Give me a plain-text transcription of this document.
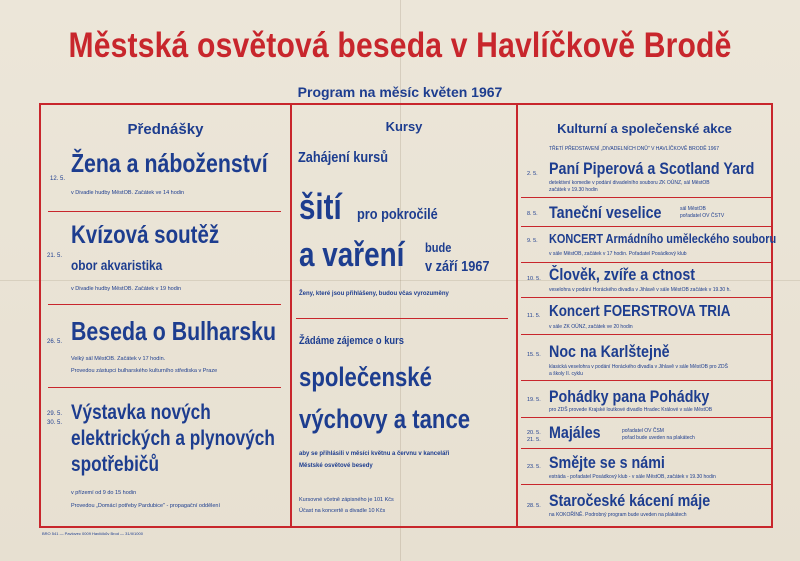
Městská osvětová beseda v Havlíčkově Brodě
Program na měsíc květen 1967
Přednášky
12. 5.
Žena a náboženství
v Divadle hudby MěstOB. Začátek ve 14 hodin
21. 5.
Kvízová soutěž
obor akvaristika
v Divadle hudby MěstOB. Začátek v 19 hodin
26. 5. Beseda o Bulharsku
Velký sál MěstOB. Začátek v 17 hodin.
Provedou zástupci bulharského kulturního střediska v Praze
29. 5.
30. 5. Výstavka nových
elektrických a plynových
spotřebičů
v přízemí od 9 do 15 hodin
Provedou „Domácí potřeby Pardubice" - propagační oddělení
Kursy
Zahájení kursů
šití pro pokročilé
a vaření bude
v září 1967
Ženy, které jsou přihlášeny, budou včas vyrozuměny
Žádáme zájemce o kurs
společenské
výchovy a tance
aby se přihlásili v měsíci květnu a červnu v kanceláři
Městské osvětové besedy
Kursovné včetně zápisného je 101 Kčs
Účast na koncertě a divadle 10 Kčs
Kulturní a společenské akce
TŘETÍ PŘEDSTAVENÍ „DIVADELNÍCH DNŮ" V HAVLÍČKOVĚ BRODĚ 1967
2. 5. Paní Piperová a Scotland Yard
detektivní komedie v podání divadelního souboru ZK OÚNZ, sál MěstOB
začátek v 19.30 hodin
8. 5. Taneční veselice	sál MěstOB
pořadatel OV ČSTV
9. 5. KONCERT Armádního uměleckého souboru
v sále MěstOB, začátek v 17 hodin. Pořadatel Posádkový klub
10. 5. Člověk, zvíře a ctnost
veselohra v podání Horáckého divadla v Jihlavě v sále MěstOB začátek v 19.30 h.
11. 5. Koncert FOERSTROVA TRIA
v sále ZK OÚNZ, začátek ve 20 hodin
15. 5. Noc na Karlštejně
klasická veselohra v podání Horáckého divadla v Jihlavě v sále MěstOB pro ZDŠ
a školy II. cyklu
19. 5. Pohádky pana Pohádky
pro ZDŠ provede Krajské loutkové divadlo Hradec Králové v sále MěstOB
20. 5.
21. 5. Majáles	pořadatel OV ČSM
pořad bude uveden na plakátech
23. 5. Smějte se s námi
estráda - pořadatel Posádkový klub - v sále MěstOB, začátek v 19.30 hodin
28. 5. Staročeské kácení máje
na KOKOŘÍNĚ. Podrobný program bude uveden na plakátech
BRO 541 — Pavlovec 0009 Havlíčkův Brod — 31/II/1000
